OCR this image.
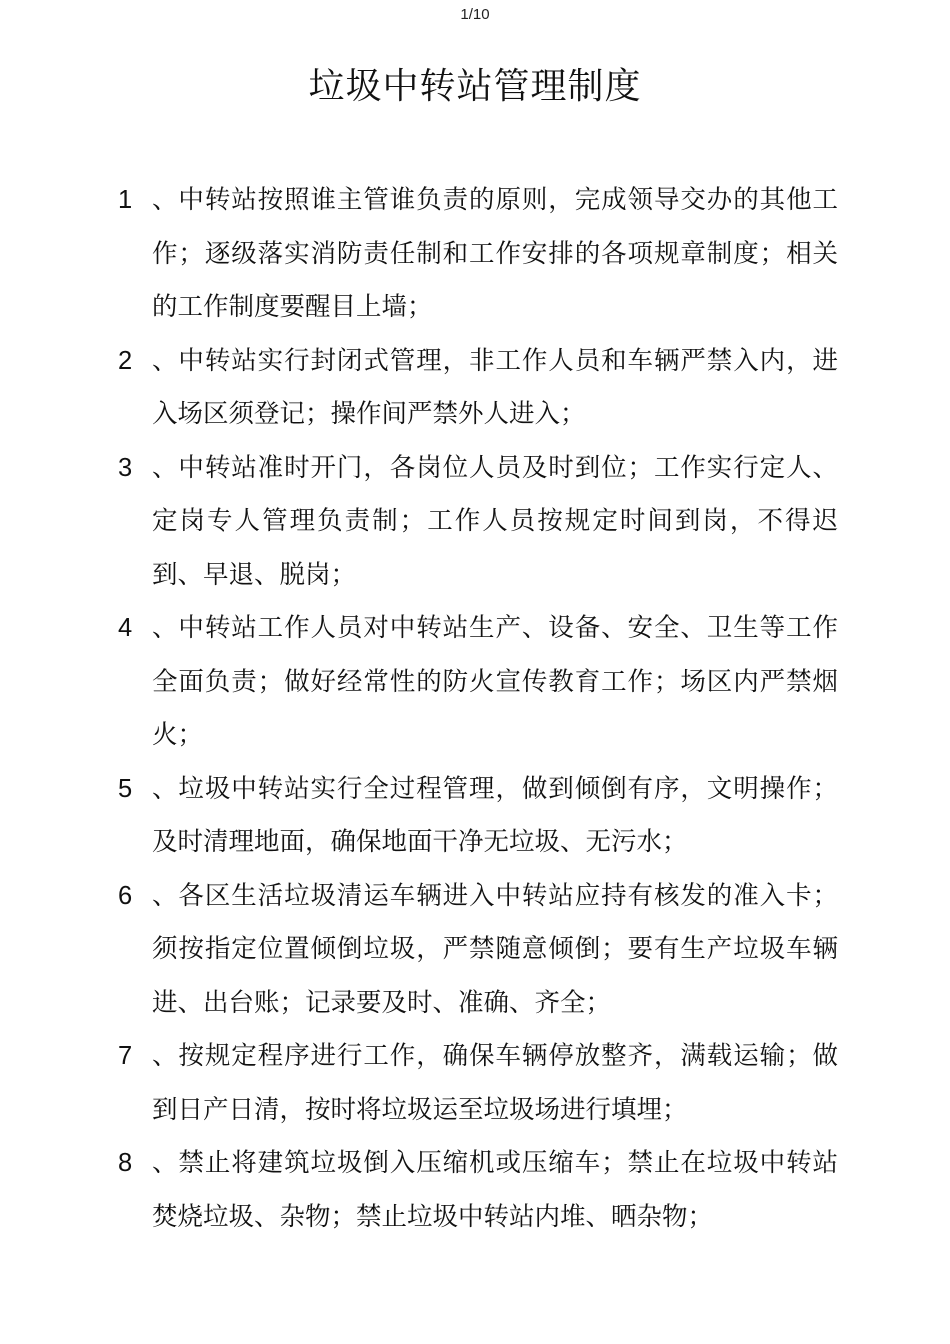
1/10
垃圾中转站管理制度
1 、中转站按照谁主管谁负责的原则，完成领导交办的其他工作；逐级落实消防责任制和工作安排的各项规章制度；相关的工作制度要醒目上墙；
2 、中转站实行封闭式管理，非工作人员和车辆严禁入内，进入场区须登记；操作间严禁外人进入；
3 、中转站准时开门，各岗位人员及时到位；工作实行定人、定岗专人管理负责制；工作人员按规定时间到岗，不得迟到、早退、脱岗；
4 、中转站工作人员对中转站生产、设备、安全、卫生等工作全面负责；做好经常性的防火宣传教育工作；场区内严禁烟火；
5 、垃圾中转站实行全过程管理，做到倾倒有序，文明操作；及时清理地面，确保地面干净无垃圾、无污水；
6 、各区生活垃圾清运车辆进入中转站应持有核发的准入卡；须按指定位置倾倒垃圾，严禁随意倾倒；要有生产垃圾车辆进、出台账；记录要及时、准确、齐全；
7 、按规定程序进行工作，确保车辆停放整齐，满载运输；做到日产日清，按时将垃圾运至垃圾场进行填埋；
8 、禁止将建筑垃圾倒入压缩机或压缩车；禁止在垃圾中转站焚烧垃圾、杂物；禁止垃圾中转站内堆、晒杂物；
